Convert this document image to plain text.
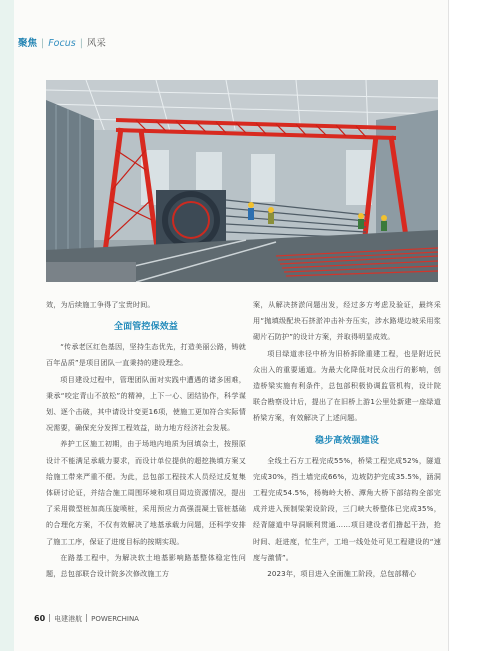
聚焦 | Focus | 风采

效，为后续施工争得了宝贵时间。

全面管控保效益

“传承老区红色基因，坚持生态优先，打造美丽公路，铸就百年品质”是项目团队一直秉持的建设理念。

项目建设过程中，管理团队面对实践中遭遇的诸多困难，秉承“咬定青山不放松”的精神，上下一心、团结协作，科学谋划、逐个击破，其中请设计变更16项，使施工更加符合实际情况需要，确保充分发挥工程效益，助力地方经济社会发展。

养护工区施工初期，由于场地内地质为回填杂土，按照原设计不能满足承载力要求，而设计单位提供的超挖换填方案又给施工带来严重不便。为此，总包部工程技术人员经过反复集体研讨论证，并结合施工周围环境和项目周边资源情况，提出了采用微型桩加高压旋喷桩，采用预应力高强混凝土管桩基础的合理化方案，不仅有效解决了地基承载力问题，还科学安排了施工工序，保证了进度目标的按期实现。

在路基工程中，为解决软土地基影响路基整体稳定性问题，总包部联合设计院多次修改施工方

案，从解决挤淤问题出发，经过多方考虑及验证，最终采用“抛填级配块石挤淤冲击补夯压实，涉水路堤边坡采用浆砌片石防护”的设计方案，并取得明显成效。

项目绿道赤径中桥为旧桥拆除重建工程，也是附近民众出入的重要通道。为最大化降低对民众出行的影响，创造桥梁实施有利条件，总包部积极协调监管机构，设计院联合勘察设计后，提出了在旧桥上游1公里处新建一座绿道桥梁方案，有效解决了上述问题。

稳步高效强建设

全线土石方工程完成55%，桥梁工程完成52%，隧道完成30%，挡土墙完成66%，边坡防护完成35.5%，涵洞工程完成54.5%，杨梅岭大桥、潭角大桥下部结构全部完成并进入预制梁架设阶段，三门峡大桥整体已完成35%，经背隧道中导洞顺利贯通……项目建设者们撸起干劲，抢时间、赶进度，忙生产，工地一线处处可见工程建设的“速度与激情”。

2023年，项目进入全面施工阶段，总包部精心

60 电建港航 POWERCHINA
